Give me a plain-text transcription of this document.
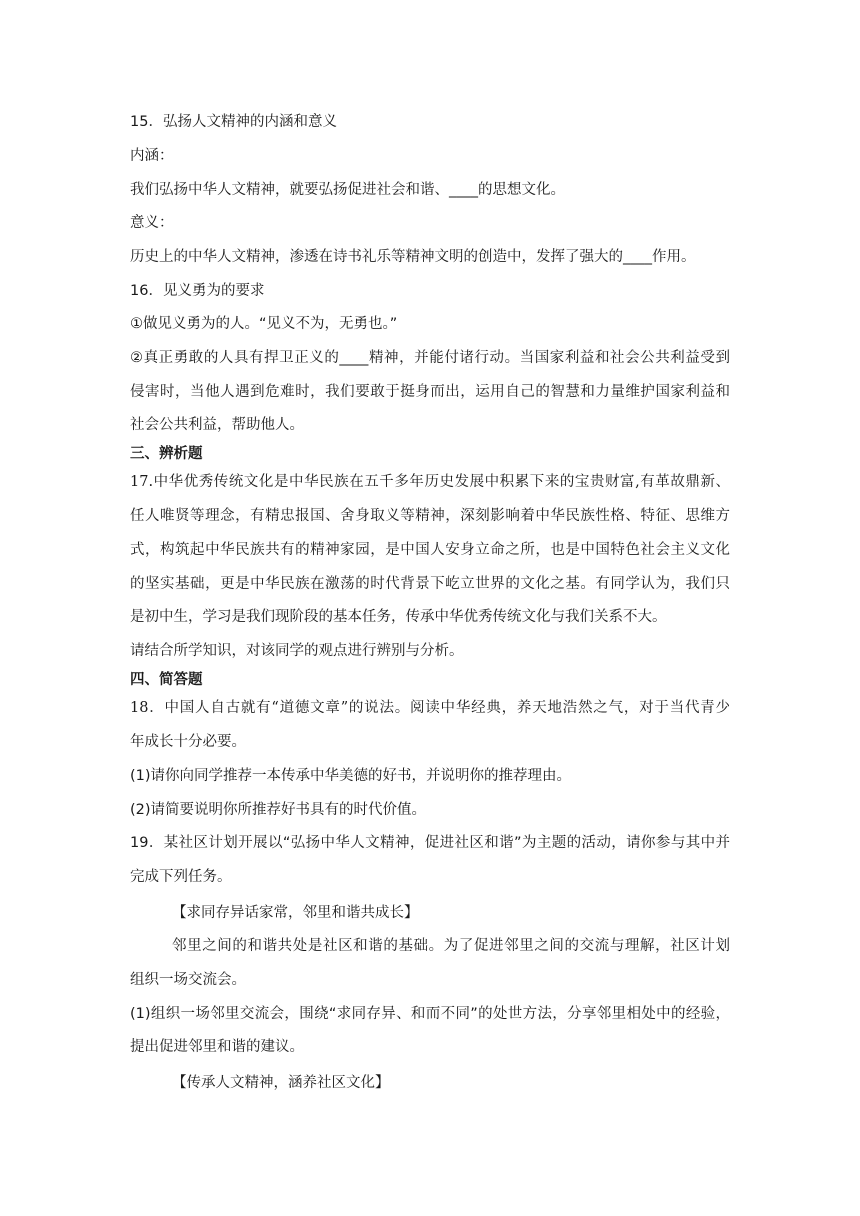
15．弘扬人文精神的内涵和意义
内涵：
我们弘扬中华人文精神，就要弘扬促进社会和谐、____的思想文化。
意义：
历史上的中华人文精神，渗透在诗书礼乐等精神文明的创造中，发挥了强大的____作用。
16．见义勇为的要求
①做见义勇为的人。“见义不为，无勇也。”
②真正勇敢的人具有捍卫正义的____精神，并能付诸行动。当国家利益和社会公共利益受到
侵害时，当他人遇到危难时，我们要敢于挺身而出，运用自己的智慧和力量维护国家利益和
社会公共利益，帮助他人。
三、辨析题
17.中华优秀传统文化是中华民族在五千多年历史发展中积累下来的宝贵财富,有革故鼎新、
任人唯贤等理念，有精忠报国、舍身取义等精神，深刻影响着中华民族性格、特征、思维方
式，构筑起中华民族共有的精神家园，是中国人安身立命之所，也是中国特色社会主义文化
的坚实基础，更是中华民族在激荡的时代背景下屹立世界的文化之基。有同学认为，我们只
是初中生，学习是我们现阶段的基本任务，传承中华优秀传统文化与我们关系不大。
请结合所学知识，对该同学的观点进行辨别与分析。
四、简答题
18．中国人自古就有“道德文章”的说法。阅读中华经典，养天地浩然之气，对于当代青少
年成长十分必要。
(1)请你向同学推荐一本传承中华美德的好书，并说明你的推荐理由。
(2)请简要说明你所推荐好书具有的时代价值。
19．某社区计划开展以“弘扬中华人文精神，促进社区和谐”为主题的活动，请你参与其中并
完成下列任务。
【求同存异话家常，邻里和谐共成长】
邻里之间的和谐共处是社区和谐的基础。为了促进邻里之间的交流与理解，社区计划
组织一场交流会。
(1)组织一场邻里交流会，围绕“求同存异、和而不同”的处世方法，分享邻里相处中的经验，
提出促进邻里和谐的建议。
【传承人文精神，涵养社区文化】
